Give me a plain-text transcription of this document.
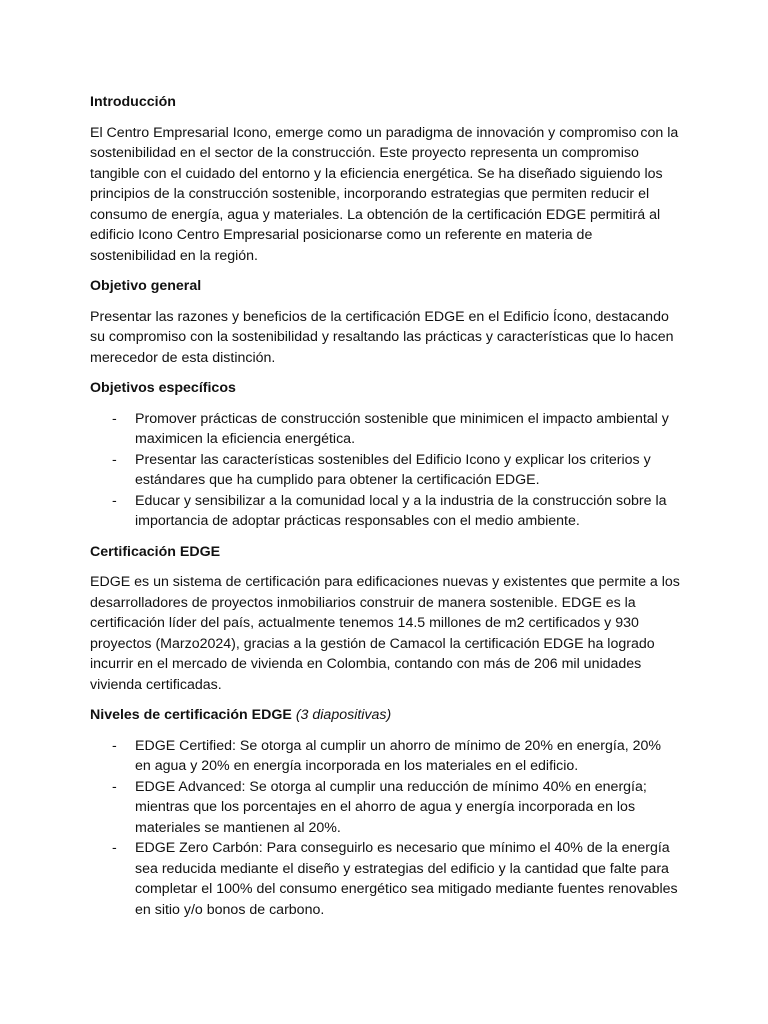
Introducción
El Centro Empresarial Icono, emerge como un paradigma de innovación y compromiso con la sostenibilidad en el sector de la construcción. Este proyecto representa un compromiso tangible con el cuidado del entorno y la eficiencia energética. Se ha diseñado siguiendo los principios de la construcción sostenible, incorporando estrategias que permiten reducir el consumo de energía, agua y materiales. La obtención de la certificación EDGE permitirá al edificio Icono Centro Empresarial posicionarse como un referente en materia de sostenibilidad en la región.
Objetivo general
Presentar las razones y beneficios de la certificación EDGE en el Edificio Ícono, destacando su compromiso con la sostenibilidad y resaltando las prácticas y características que lo hacen merecedor de esta distinción.
Objetivos específicos
- Promover prácticas de construcción sostenible que minimicen el impacto ambiental y maximicen la eficiencia energética.
- Presentar las características sostenibles del Edificio Icono y explicar los criterios y estándares que ha cumplido para obtener la certificación EDGE.
- Educar y sensibilizar a la comunidad local y a la industria de la construcción sobre la importancia de adoptar prácticas responsables con el medio ambiente.
Certificación EDGE
EDGE es un sistema de certificación para edificaciones nuevas y existentes que permite a los desarrolladores de proyectos inmobiliarios construir de manera sostenible. EDGE es la certificación líder del país, actualmente tenemos 14.5 millones de m2 certificados y 930 proyectos (Marzo2024), gracias a la gestión de Camacol la certificación EDGE ha logrado incurrir en el mercado de vivienda en Colombia, contando con más de 206 mil unidades vivienda certificadas.
Niveles de certificación EDGE (3 diapositivas)
- EDGE Certified: Se otorga al cumplir un ahorro de mínimo de 20% en energía, 20% en agua y 20% en energía incorporada en los materiales en el edificio.
- EDGE Advanced: Se otorga al cumplir una reducción de mínimo 40% en energía; mientras que los porcentajes en el ahorro de agua y energía incorporada en los materiales se mantienen al 20%.
- EDGE Zero Carbón: Para conseguirlo es necesario que mínimo el 40% de la energía sea reducida mediante el diseño y estrategias del edificio y la cantidad que falte para completar el 100% del consumo energético sea mitigado mediante fuentes renovables en sitio y/o bonos de carbono.
